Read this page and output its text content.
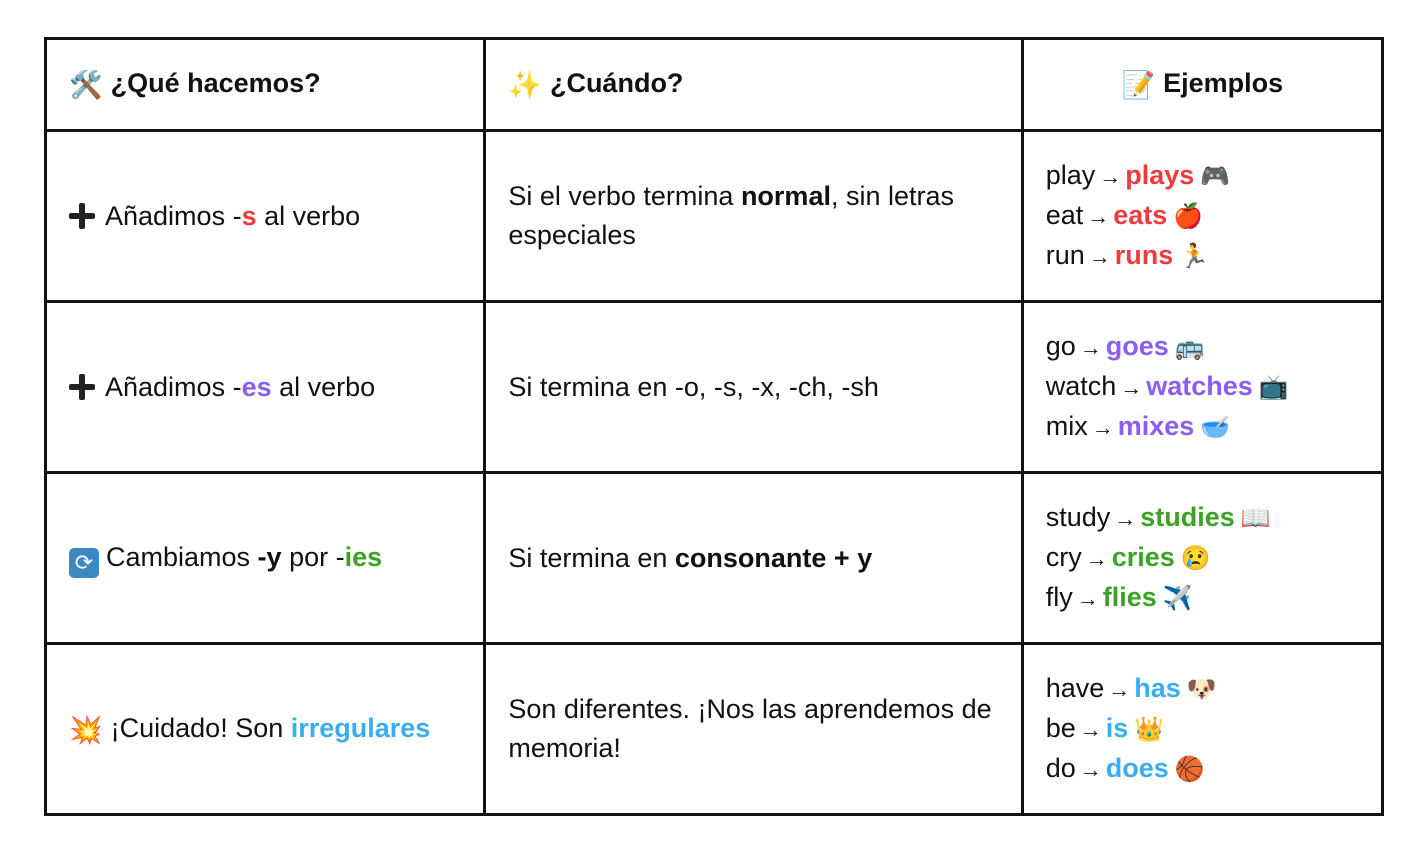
🛠️ ¿Qué hacemos?	✨ ¿Cuándo?	📝 Ejemplos
Añadimos -s al verbo	Si el verbo termina normal, sin letras especiales	play → plays 🎮
eat → eats 🍎
run → runs 🏃

Añadimos -es al verbo	Si termina en -o, -s, -x, -ch, -sh	go → goes 🚌
watch → watches 📺
mix → mixes 🥣

⟳ Cambiamos -y por -ies	Si termina en consonante + y	study → studies 📖
cry → cries 😢
fly → flies ✈️

💥 ¡Cuidado! Son irregulares	Son diferentes. ¡Nos las aprendemos de memoria!	have → has 🐶
be → is 👑
do → does 🏀
